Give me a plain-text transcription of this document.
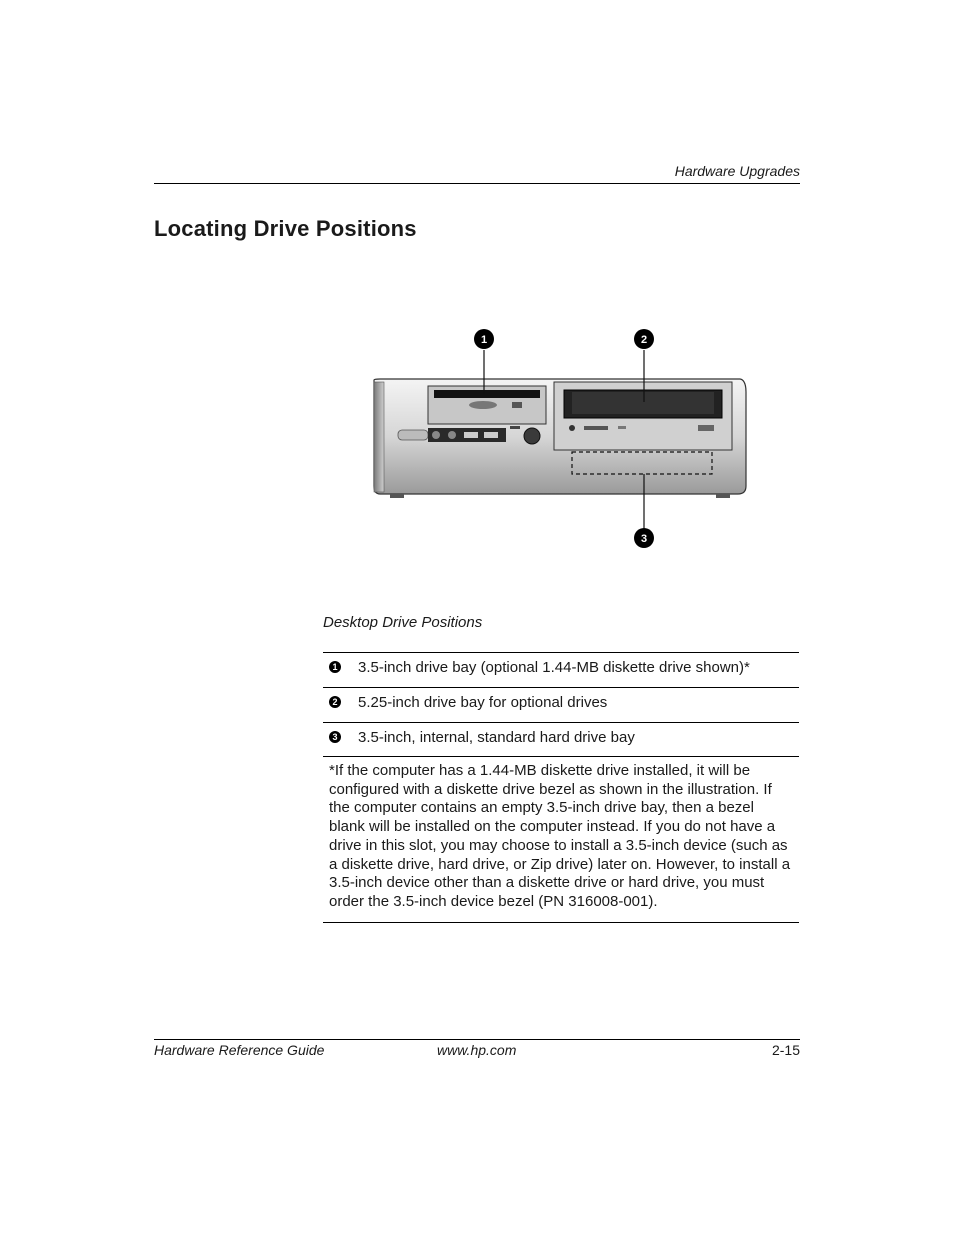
Hardware Upgrades
Locating Drive Positions
1	2
3
Desktop Drive Positions
1 3.5-inch drive bay (optional 1.44-MB diskette drive shown)*
2 5.25-inch drive bay for optional drives
3 3.5-inch, internal, standard hard drive bay
*If the computer has a 1.44-MB diskette drive installed, it will be configured with a diskette drive bezel as shown in the illustration. If the computer contains an empty 3.5-inch drive bay, then a bezel blank will be installed on the computer instead. If you do not have a drive in this slot, you may choose to install a 3.5-inch device (such as a diskette drive, hard drive, or Zip drive) later on. However, to install a 3.5-inch device other than a diskette drive or hard drive, you must order the 3.5-inch device bezel (PN 316008-001).
Hardware Reference Guide	www.hp.com	2-15
